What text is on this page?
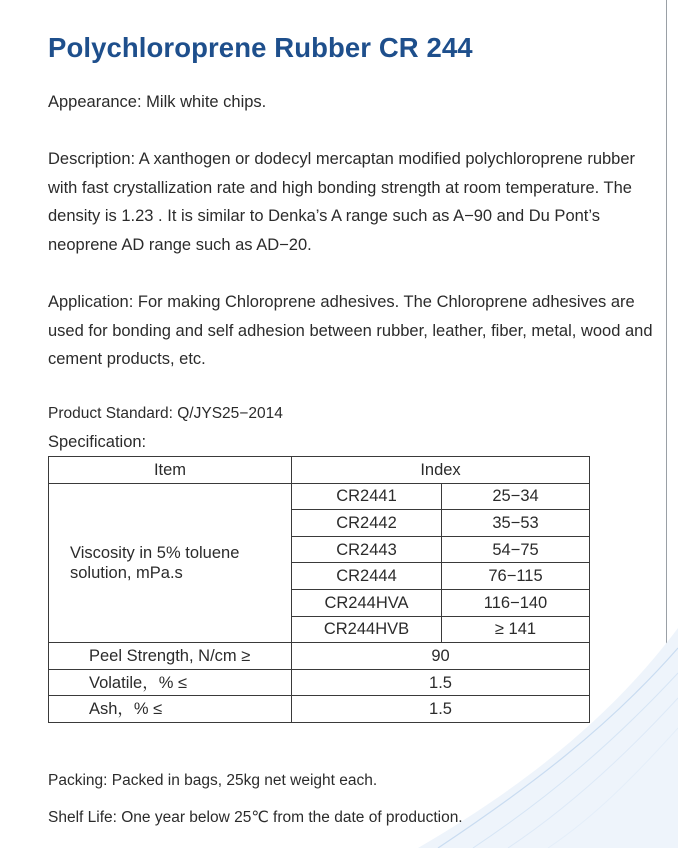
Polychloroprene Rubber CR 244

Appearance: Milk white chips.

Description: A xanthogen or dodecyl mercaptan modified polychloroprene rubber with fast crystallization rate and high bonding strength at room temperature. The density is 1.23 . It is similar to Denka’s A range such as A−90 and Du Pont’s neoprene AD range such as AD−20.

Application: For making Chloroprene adhesives. The Chloroprene adhesives are used for bonding and self adhesion between rubber, leather, fiber, metal, wood and cement products, etc.

Product Standard: Q/JYS25−2014

Specification:

Item	Index	
Viscosity in 5% toluene solution, mPa.s	CR2441	25−34
	CR2442	35−53
	CR2443	54−75
	CR2444	76−115
	CR244HVA	116−140
	CR244HVB	≥ 141
Peel Strength, N/cm ≥	90	
Volatile，% ≤	1.5	
Ash，% ≤	1.5	

Packing: Packed in bags, 25kg net weight each.

Shelf Life: One year below 25℃ from the date of production.
